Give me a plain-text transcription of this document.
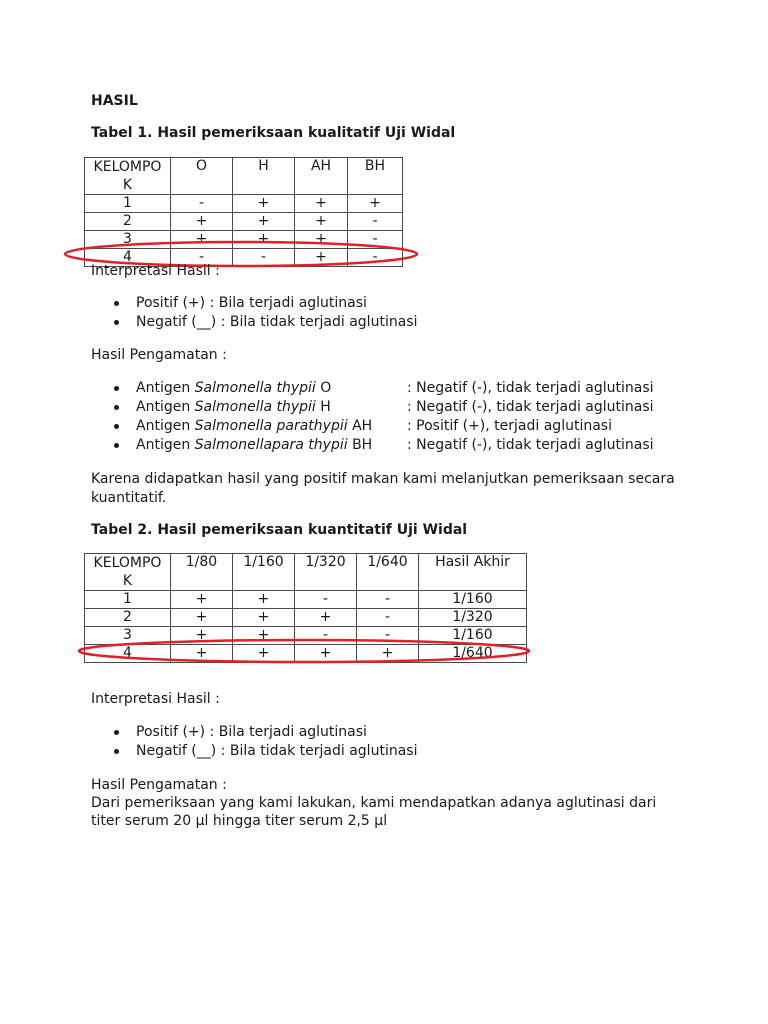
HASIL
Tabel 1. Hasil pemeriksaan kualitatif Uji Widal
KELOMPO
K	O	H	AH	BH
1	-	+	+	+
2	+	+	+	-
3	+	+	+	-
4	-	-	+	-
Interpretasi Hasil :
Positif (+) : Bila terjadi aglutinasi
Negatif (__) : Bila tidak terjadi aglutinasi
Hasil Pengamatan :
Antigen Salmonella thypii O	: Negatif (-), tidak terjadi aglutinasi
Antigen Salmonella thypii H	: Negatif (-), tidak terjadi aglutinasi
Antigen Salmonella parathypii AH : Positif (+), terjadi aglutinasi
Antigen Salmonellapara thypii BH : Negatif (-), tidak terjadi aglutinasi
Karena didapatkan hasil yang positif makan kami melanjutkan pemeriksaan secara
kuantitatif.
Tabel 2. Hasil pemeriksaan kuantitatif Uji Widal
KELOMPO
K	1/80	1/160	1/320	1/640	Hasil Akhir
1	+	+	-	-	1/160
2	+	+	+	-	1/320
3	+	+	-	-	1/160
4	+	+	+	+	1/640
Interpretasi Hasil :
Positif (+) : Bila terjadi aglutinasi
Negatif (__) : Bila tidak terjadi aglutinasi
Hasil Pengamatan :
Dari pemeriksaan yang kami lakukan, kami mendapatkan adanya aglutinasi dari
titer serum 20 µl hingga titer serum 2,5 µl
